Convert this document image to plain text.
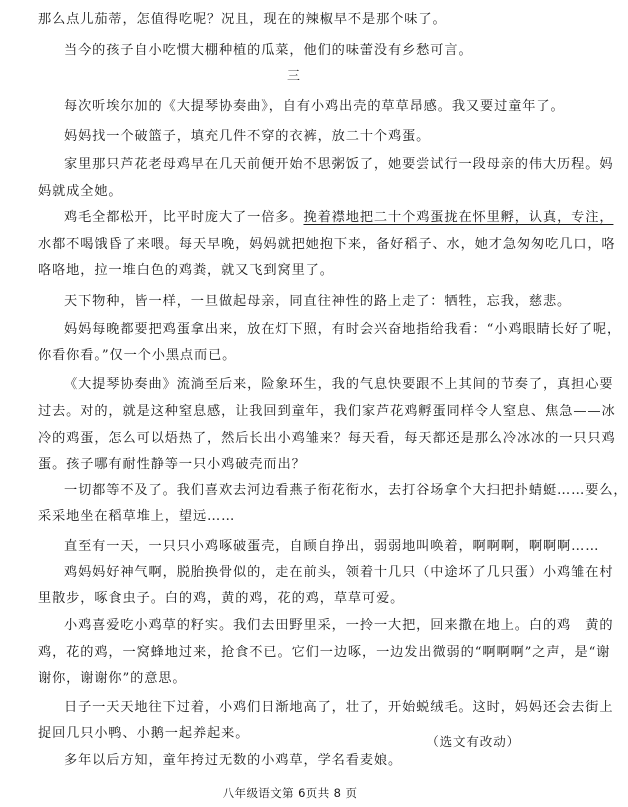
那么点儿茄蒂，怎值得吃呢？况且，现在的辣椒早不是那个味了。
当今的孩子自小吃惯大棚种植的瓜菜，他们的味蕾没有乡愁可言。
三
每次听埃尔加的《大提琴协奏曲》，自有小鸡出壳的草草昂感。我又要过童年了。
妈妈找一个破篮子，填充几件不穿的衣裤，放二十个鸡蛋。
家里那只芦花老母鸡早在几天前便开始不思粥饭了，她要尝试行一段母亲的伟大历程。妈
妈就成全她。
鸡毛全都松开，比平时庞大了一倍多。挽着襟地把二十个鸡蛋拢在怀里孵，认真，专注，
水都不喝饿昏了来喂。每天早晚，妈妈就把她抱下来，备好稻子、水，她才急匆匆吃几口，咯
咯咯地，拉一堆白色的鸡粪，就又飞到窝里了。
天下物种，皆一样，一旦做起母亲，同直往神性的路上走了：牺牲，忘我，慈悲。
妈妈每晚都要把鸡蛋拿出来，放在灯下照，有时会兴奋地指给我看：“小鸡眼睛长好了呢，
你看你看。”仅一个小黑点而已。
《大提琴协奏曲》流淌至后来，险象环生，我的气息快要跟不上其间的节奏了，真担心要
过去。对的，就是这种窒息感，让我回到童年，我们家芦花鸡孵蛋同样令人窒息、焦急——冰
冷的鸡蛋，怎么可以焐热了，然后长出小鸡雏来？每天看，每天都还是那么冷冰冰的一只只鸡
蛋。孩子哪有耐性静等一只小鸡破壳而出？
一切都等不及了。我们喜欢去河边看燕子衔花衔水，去打谷场拿个大扫把扑蜻蜓……要么，
采采地坐在稻草堆上，望远……
直至有一天，一只只小鸡啄破蛋壳，自顾自挣出，弱弱地叫唤着，啊啊啊，啊啊啊……
鸡妈妈好神气啊，脱胎换骨似的，走在前头，领着十几只（中途坏了几只蛋）小鸡雏在村
里散步，啄食虫子。白的鸡，黄的鸡，花的鸡，草草可爱。
小鸡喜爱吃小鸡草的籽实。我们去田野里采，一拎一大把，回来撒在地上。白的鸡　黄的
鸡，花的鸡，一窝蜂地过来，抢食不已。它们一边啄，一边发出微弱的“啊啊啊”之声，是“谢
谢你，谢谢你”的意思。
日子一天天地往下过着，小鸡们日渐地高了，壮了，开始蜕绒毛。这时，妈妈还会去街上
捉回几只小鸭、小鹅一起养起来。
多年以后方知，童年挎过无数的小鸡草，学名看麦娘。
（选文有改动）
八年级语文第 6页共 8 页
